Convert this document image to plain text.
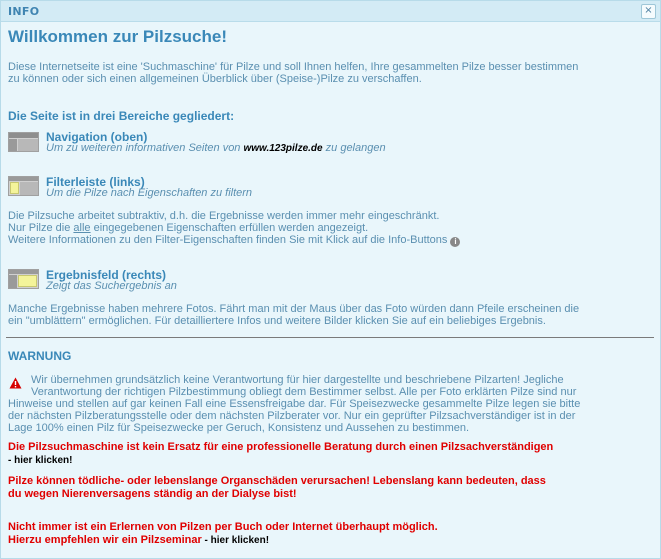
INFO	×
Willkommen zur Pilzsuche!
Diese Internetseite ist eine 'Suchmaschine' für Pilze und soll Ihnen helfen, Ihre gesammelten Pilze besser bestimmen
zu können oder sich einen allgemeinen Überblick über (Speise-)Pilze zu verschaffen.
Die Seite ist in drei Bereiche gegliedert:
Navigation (oben)
Um zu weiteren informativen Seiten von www.123pilze.de zu gelangen
Filterleiste (links)
Um die Pilze nach Eigenschaften zu filtern
Die Pilzsuche arbeitet subtraktiv, d.h. die Ergebnisse werden immer mehr eingeschränkt.
Nur Pilze die alle eingegebenen Eigenschaften erfüllen werden angezeigt.
Weitere Informationen zu den Filter-Eigenschaften finden Sie mit Klick auf die Info-Buttons i
Ergebnisfeld (rechts)
Zeigt das Suchergebnis an
Manche Ergebnisse haben mehrere Fotos. Fährt man mit der Maus über das Foto würden dann Pfeile erscheinen die
ein "umblättern" ermöglichen. Für detailliertere Infos und weitere Bilder klicken Sie auf ein beliebiges Ergebnis.
WARNUNG
Wir übernehmen grundsätzlich keine Verantwortung für hier dargestellte und beschriebene Pilzarten! Jegliche
Verantwortung der richtigen Pilzbestimmung obliegt dem Bestimmer selbst. Alle per Foto erklärten Pilze sind nur
Hinweise und stellen auf gar keinen Fall eine Essensfreigabe dar. Für Speisezwecke gesammelte Pilze legen sie bitte
der nächsten Pilzberatungsstelle oder dem nächsten Pilzberater vor. Nur ein geprüfter Pilzsachverständiger ist in der
Lage 100% einen Pilz für Speisezwecke per Geruch, Konsistenz und Aussehen zu bestimmen.
Die Pilzsuchmaschine ist kein Ersatz für eine professionelle Beratung durch einen Pilzsachverständigen
- hier klicken!
Pilze können tödliche- oder lebenslange Organschäden verursachen! Lebenslang kann bedeuten, dass
du wegen Nierenversagens ständig an der Dialyse bist!
Nicht immer ist ein Erlernen von Pilzen per Buch oder Internet überhaupt möglich.
Hierzu empfehlen wir ein Pilzseminar - hier klicken!
